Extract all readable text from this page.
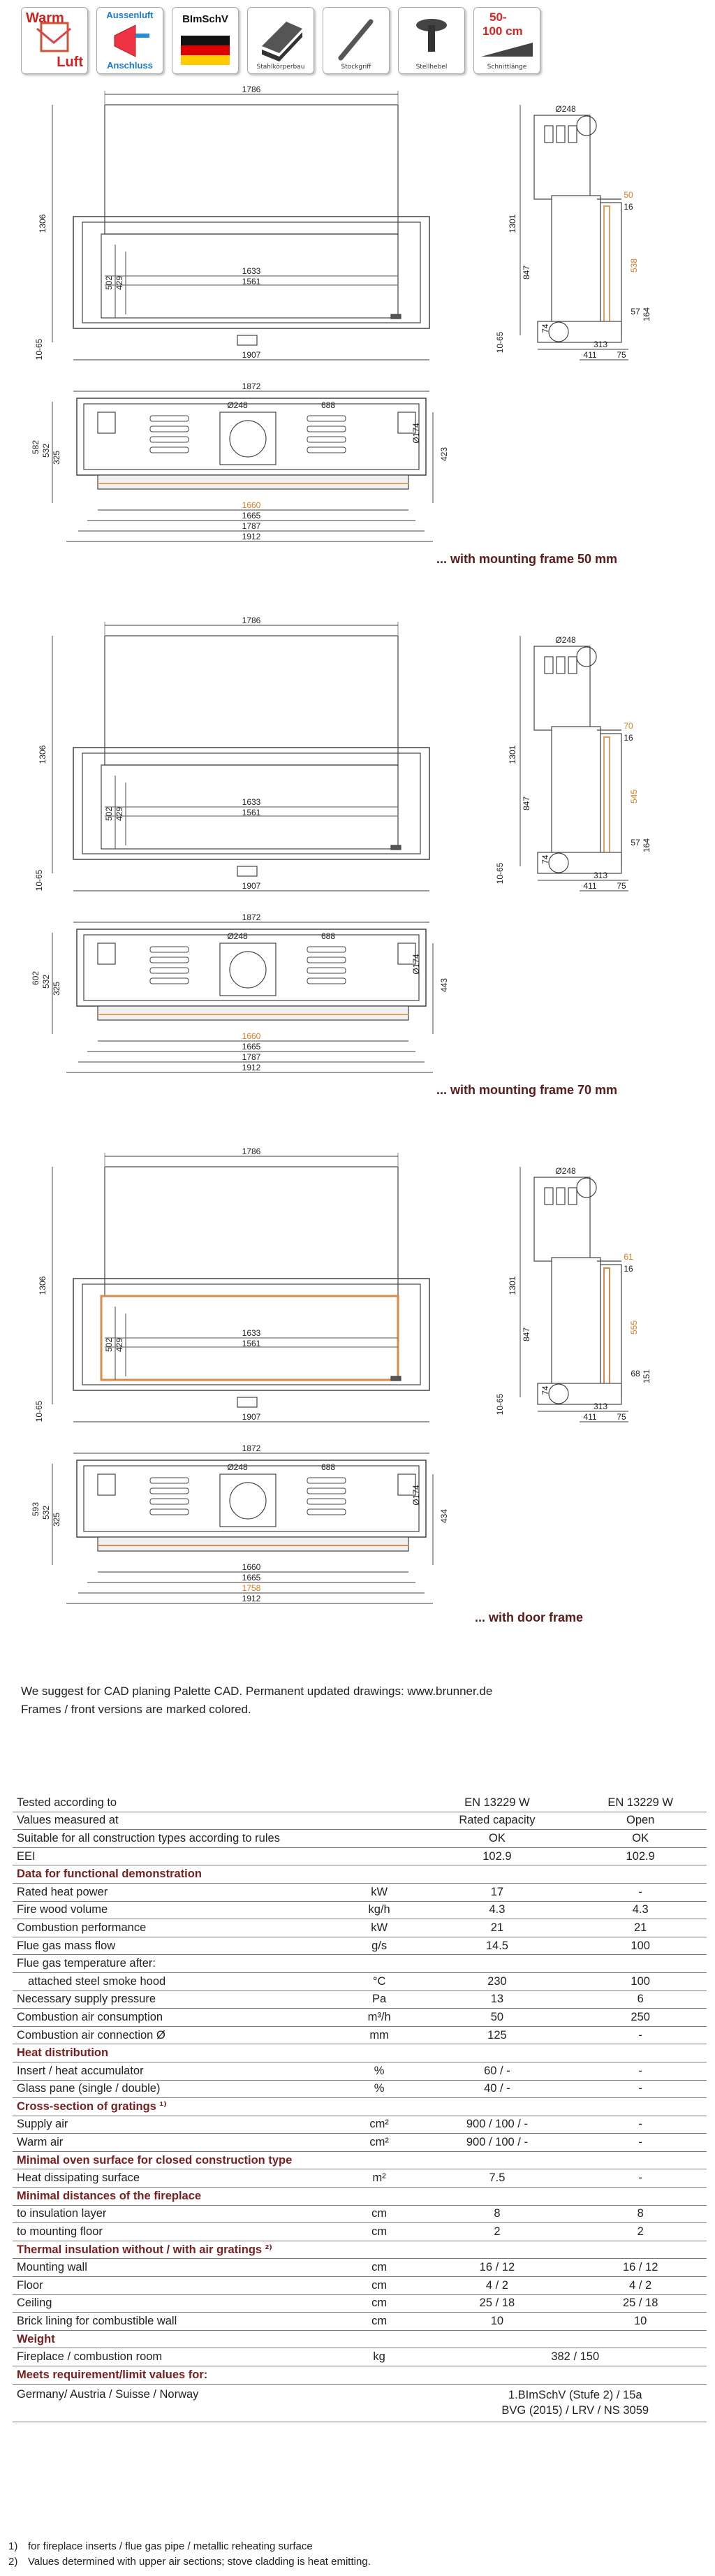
Warm
Luft
Aussenluft
Anschluss
BImSchV
Stahlkörperbau	Stockgriff	Stellhebel
50-
100 cm
Schnittlänge
1786
1306
1633
1561
502 429
10-65	1907
Ø248
50
16
1301
847	538
57 164
74
313
411 75
10-65
1872
Ø248	688
582 532 325
Ø174
423
1660
1665
1787
1912
... with mounting frame 50 mm
1786
1306
1633
1561
502 429
10-65	1907
Ø248
70
16
1301
847	545
57 164
74
313
411 75
10-65
1872
Ø248	688
602 532 325
Ø174
443
1660
1665
1787
1912
... with mounting frame 70 mm
1786
1306
1633
1561
502 429
10-65	1907
Ø248
61
16
1301
847	555
68 151
74
313
411 75
10-65
1872
Ø248	688
593 532 325
Ø174
434
1660
1665
1758
1912
... with door frame
We suggest for CAD planing Palette CAD. Permanent updated drawings: www.brunner.de
Frames / front versions are marked colored.
Tested according to		EN 13229 W	EN 13229 W
Values measured at		Rated capacity	Open
Suitable for all construction types according to rules		OK	OK
EEI		102.9	102.9
Data for functional demonstration			
Rated heat power	kW	17	-
Fire wood volume	kg/h	4.3	4.3
Combustion performance	kW	21	21
Flue gas mass flow	g/s	14.5	100
Flue gas temperature after:			
attached steel smoke hood	°C	230	100
Necessary supply pressure	Pa	13	6
Combustion air consumption	m³/h	50	250
Combustion air connection Ø	mm	125	-
Heat distribution			
Insert / heat accumulator	%	60 / -	-
Glass pane (single / double)	%	40 / -	-
Cross-section of gratings ¹⁾			
Supply air	cm²	900 / 100 / -	-
Warm air	cm²	900 / 100 / -	-
Minimal oven surface for closed construction type			
Heat dissipating surface	m²	7.5	-
Minimal distances of the fireplace			
to insulation layer	cm	8	8
to mounting floor	cm	2	2
Thermal insulation without / with air gratings ²⁾			
Mounting wall	cm	16 / 12	16 / 12
Floor	cm	4 / 2	4 / 2
Ceiling	cm	25 / 18	25 / 18
Brick lining for combustible wall	cm	10	10
Weight			
Fireplace / combustion room	kg	382 / 150	
Meets requirement/limit values for:			
Germany/ Austria / Suisse / Norway		1.BImSchV (Stufe 2) / 15a
BVG (2015) / LRV / NS 3059	
1) for fireplace inserts / flue gas pipe / metallic reheating surface
2) Values determined with upper air sections; stove cladding is heat emitting.
